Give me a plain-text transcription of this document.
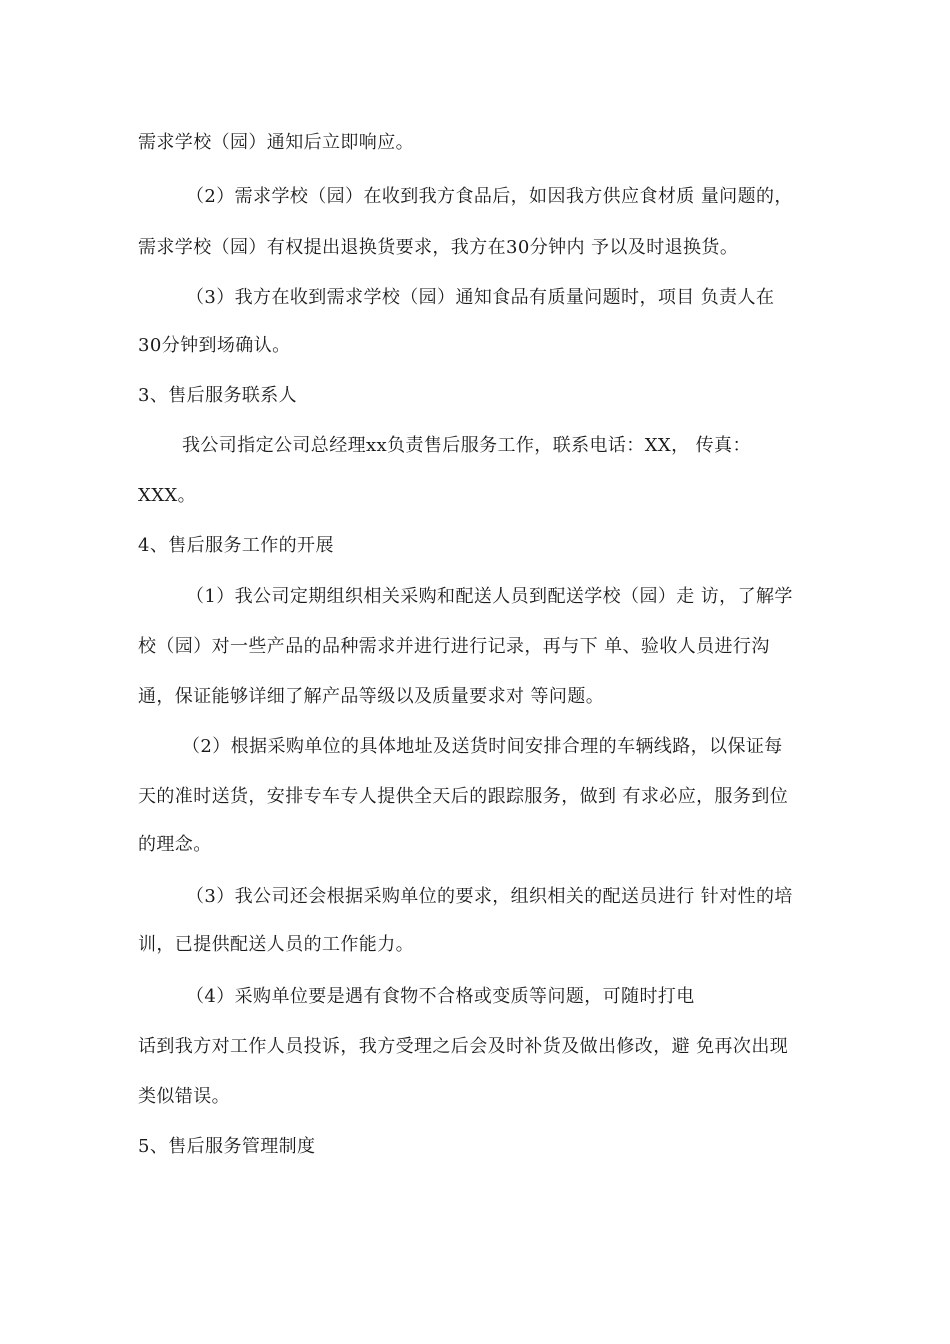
需求学校（园）通知后立即响应。
（2）需求学校（园）在收到我方食品后，如因我方供应食材质 量问题的，
需求学校（园）有权提出退换货要求，我方在30分钟内 予以及时退换货。
（3）我方在收到需求学校（园）通知食品有质量问题时，项目 负责人在
30分钟到场确认。
3、售后服务联系人
我公司指定公司总经理xx负责售后服务工作，联系电话：XX， 传真：
XXX。
4、售后服务工作的开展
（1）我公司定期组织相关采购和配送人员到配送学校（园）走 访，了解学
校（园）对一些产品的品种需求并进行进行记录，再与下 单、验收人员进行沟
通，保证能够详细了解产品等级以及质量要求对 等问题。
（2）根据采购单位的具体地址及送货时间安排合理的车辆线路，以保证每
天的准时送货，安排专车专人提供全天后的跟踪服务，做到 有求必应，服务到位
的理念。
（3）我公司还会根据采购单位的要求，组织相关的配送员进行 针对性的培
训，已提供配送人员的工作能力。
（4）采购单位要是遇有食物不合格或变质等问题，可随时打电
话到我方对工作人员投诉，我方受理之后会及时补货及做出修改，避 免再次出现
类似错误。
5、售后服务管理制度
